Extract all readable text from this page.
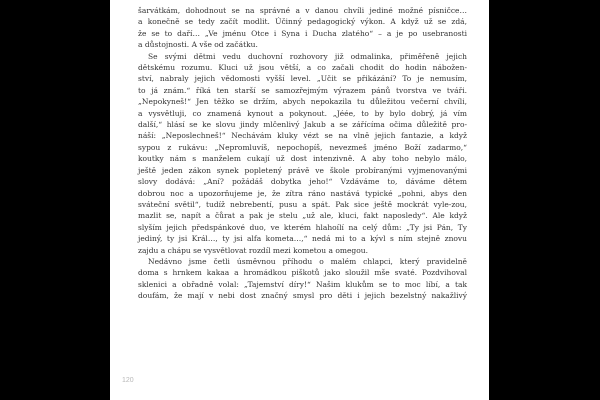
šarvátkám, dohodnout se na správné a v danou chvíli jediné možné písničce…
a konečně se tedy začít modlit. Účinný pedagogický výkon. A když už se zdá,
že se to daří… „Ve jménu Otce i Syna i Ducha zlatého“ – a je po usebranosti
a důstojnosti. A vše od začátku.
Se svými dětmi vedu duchovní rozhovory již odmalinka, přiměřeně jejich
dětskému rozumu. Kluci už jsou větší, a co začali chodit do hodin nábožen-
ství, nabraly jejich vědomosti vyšší level. „Učit se přikázání? To je nemusím,
to já znám.“ říká ten starší se samozřejmým výrazem pánů tvorstva ve tváři.
„Nepokyneš!“ Jen těžko se držím, abych nepokazila tu důležitou večerní chvíli,
a vysvětluji, co znamená kynout a pokynout. „Jéée, to by bylo dobrý, já vím
další,“ hlásí se ke slovu jindy mlčenlivý Jakub a se zářícíma očima důležitě pro-
náší: „Neposlechneš!“ Nechávám kluky vézt se na vlně jejich fantazie, a když
sypou z rukávu: „Nepromluvíš, nepochopíš, nevezmeš jméno Boží zadarmo,“
koutky nám s manželem cukají už dost intenzivně. A aby toho nebylo málo,
ještě jeden zákon synek popletený právě ve škole probíranými vyjmenovanými
slovy dodává: „Aní? požádáš dobytka jeho!“ Vzdáváme to, dáváme dětem
dobrou noc a upozorňujeme je, že zítra ráno nastává typické „pohni, abys den
sváteční světil“, tudíž nebrebentí, pusu a spát. Pak sice ještě mockrát vyle-zou,
mazlit se, napít a čůrat a pak je stelu „už ale, kluci, fakt naposledy“. Ale když
slyším jejich předspánkové duo, ve kterém hlahoílí na celý dům: „Ty jsi Pán, Ty
jediný, ty jsi Král…, ty jsi alfa kometa…,“ nedá mi to a kývl s ním stejně znovu
zajdu a chápu se vysvětlovat rozdíl mezi kometou a omegou.
Nedávno jsme četli úsměvnou příhodu o malém chlapci, který pravidelně
doma s hrnkem kakaa a hromádkou piškotů jako sloužil mše svaté. Pozdvihoval
sklenici a obřadně volal: „Tajemství díry!“ Našim klukům se to moc líbí, a tak
doufám, že mají v nebi dost značný smysl pro děti i jejich bezelstný nakažlivý
120
